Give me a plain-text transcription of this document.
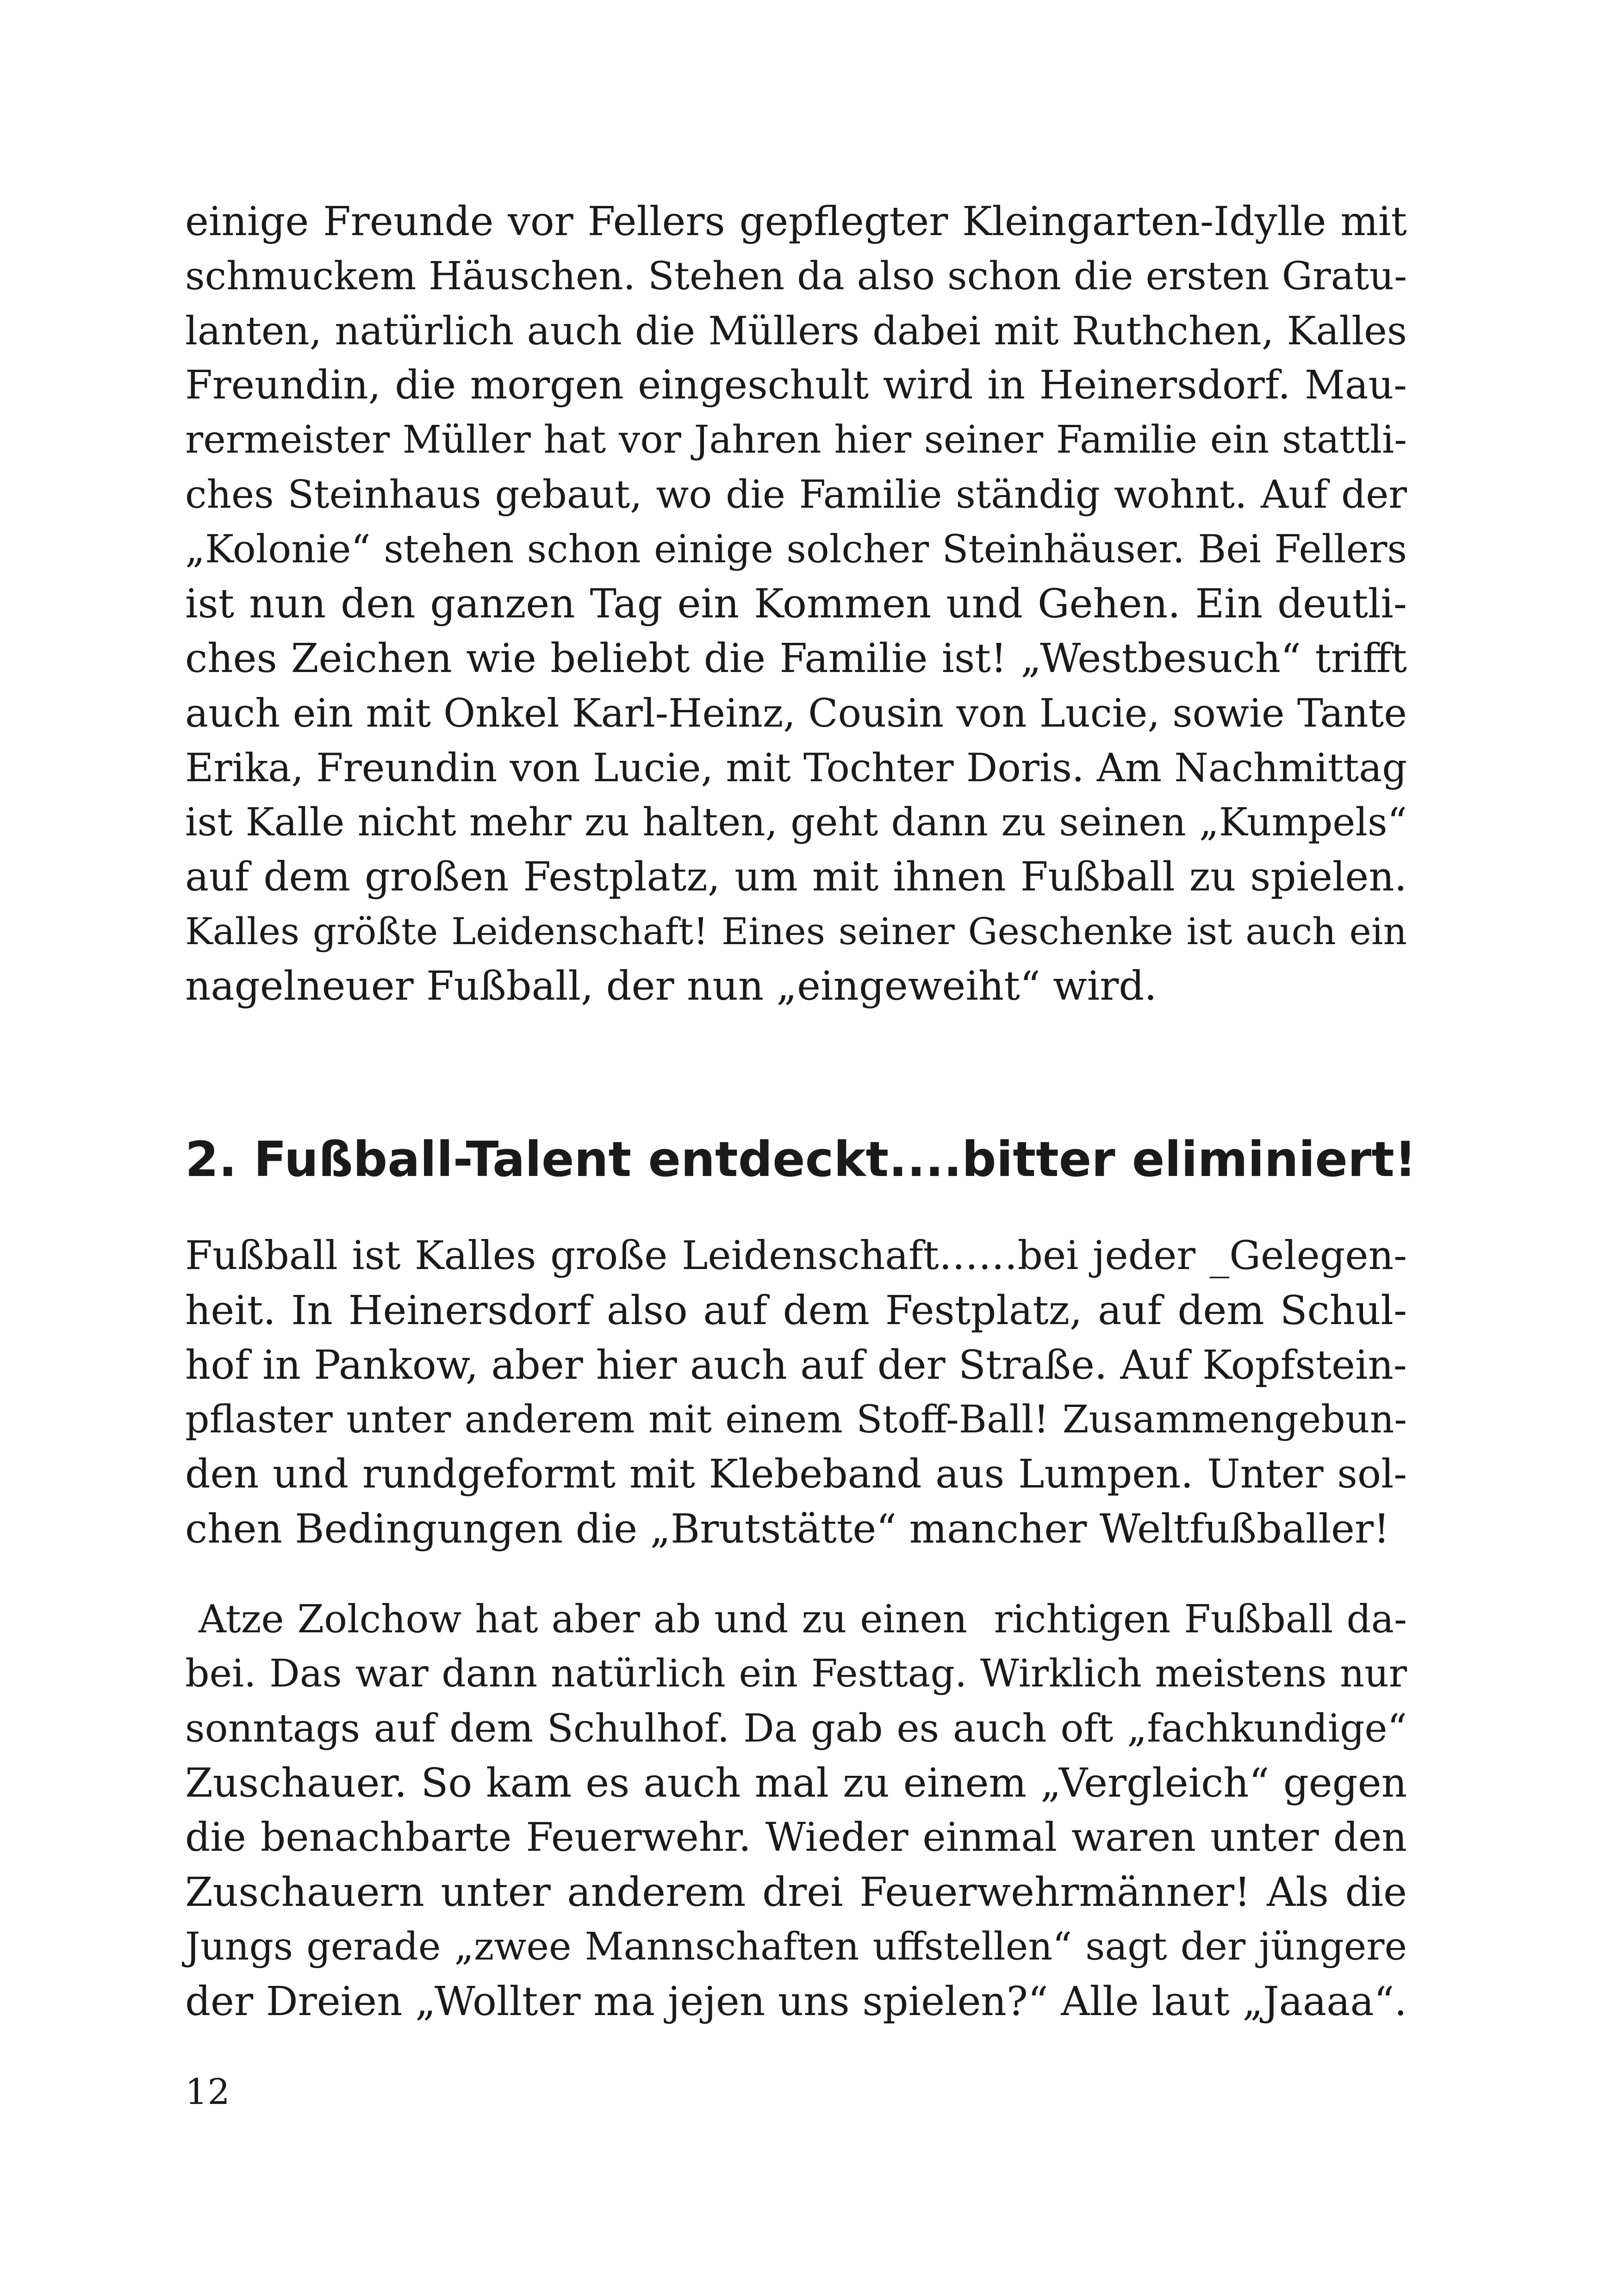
einige Freunde vor Fellers gepflegter Kleingarten-Idylle mit
schmuckem Häuschen. Stehen da also schon die ersten Gratu-
lanten, natürlich auch die Müllers dabei mit Ruthchen, Kalles
Freundin, die morgen eingeschult wird in Heinersdorf. Mau-
rermeister Müller hat vor Jahren hier seiner Familie ein stattli-
ches Steinhaus gebaut, wo die Familie ständig wohnt. Auf der
„Kolonie“ stehen schon einige solcher Steinhäuser. Bei Fellers
ist nun den ganzen Tag ein Kommen und Gehen. Ein deutli-
ches Zeichen wie beliebt die Familie ist! „Westbesuch“ trifft
auch ein mit Onkel Karl-Heinz, Cousin von Lucie, sowie Tante
Erika, Freundin von Lucie, mit Tochter Doris. Am Nachmittag
ist Kalle nicht mehr zu halten, geht dann zu seinen „Kumpels“
auf dem großen Festplatz, um mit ihnen Fußball zu spielen.
Kalles größte Leidenschaft! Eines seiner Geschenke ist auch ein
nagelneuer Fußball, der nun „eingeweiht“ wird.
2. Fußball-Talent entdeckt....bitter eliminiert!
Fußball ist Kalles große Leidenschaft……bei jeder _Gelegen-
heit. In Heinersdorf also auf dem Festplatz, auf dem Schul-
hof in Pankow, aber hier auch auf der Straße. Auf Kopfstein-
pflaster unter anderem mit einem Stoff-Ball! Zusammengebun-
den und rundgeformt mit Klebeband aus Lumpen. Unter sol-
chen Bedingungen die „Brutstätte“ mancher Weltfußballer!
Atze Zolchow hat aber ab und zu einen  richtigen Fußball da-
bei. Das war dann natürlich ein Festtag. Wirklich meistens nur
sonntags auf dem Schulhof. Da gab es auch oft „fachkundige“
Zuschauer. So kam es auch mal zu einem „Vergleich“ gegen
die benachbarte Feuerwehr. Wieder einmal waren unter den
Zuschauern unter anderem drei Feuerwehrmänner! Als die
Jungs gerade „zwee Mannschaften uffstellen“ sagt der jüngere
der Dreien „Wollter ma jejen uns spielen?“ Alle laut „Jaaaa“.
12
